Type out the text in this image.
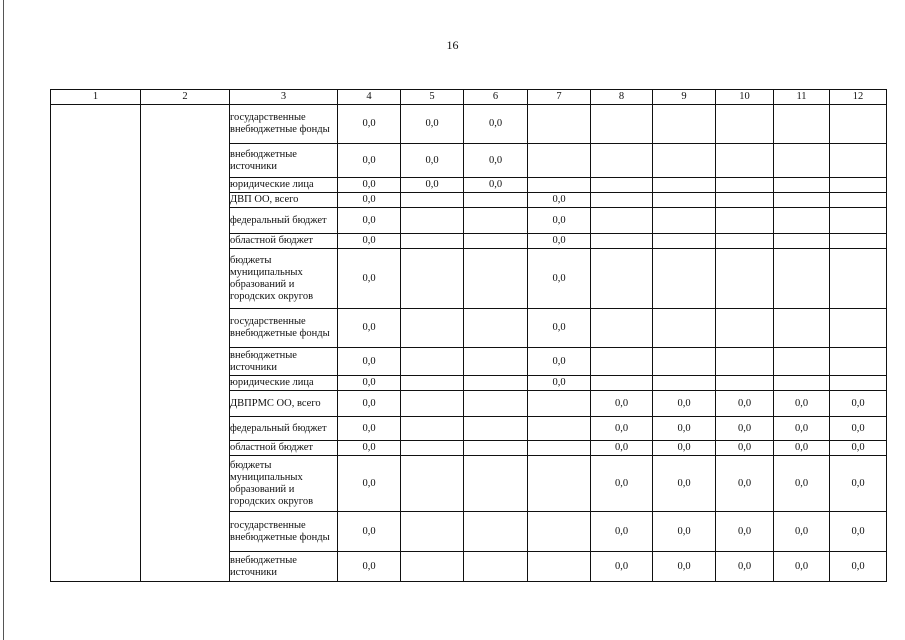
16
1	2	3	4	5	6	7	8	9	10	11	12
		государственные внебюджетные фонды	0,0	0,0	0,0						
		внебюджетные источники	0,0	0,0	0,0						
		юридические лица	0,0	0,0	0,0						
		ДВП ОО, всего	0,0			0,0					
		федеральный бюджет	0,0			0,0					
		областной бюджет	0,0			0,0					
		бюджеты муниципальных образований и городских округов	0,0			0,0					
		государственные внебюджетные фонды	0,0			0,0					
		внебюджетные источники	0,0			0,0					
		юридические лица	0,0			0,0					
		ДВПРМС ОО, всего	0,0				0,0	0,0	0,0	0,0	0,0
		федеральный бюджет	0,0				0,0	0,0	0,0	0,0	0,0
		областной бюджет	0,0				0,0	0,0	0,0	0,0	0,0
		бюджеты муниципальных образований и городских округов	0,0				0,0	0,0	0,0	0,0	0,0
		государственные внебюджетные фонды	0,0				0,0	0,0	0,0	0,0	0,0
		внебюджетные источники	0,0				0,0	0,0	0,0	0,0	0,0
